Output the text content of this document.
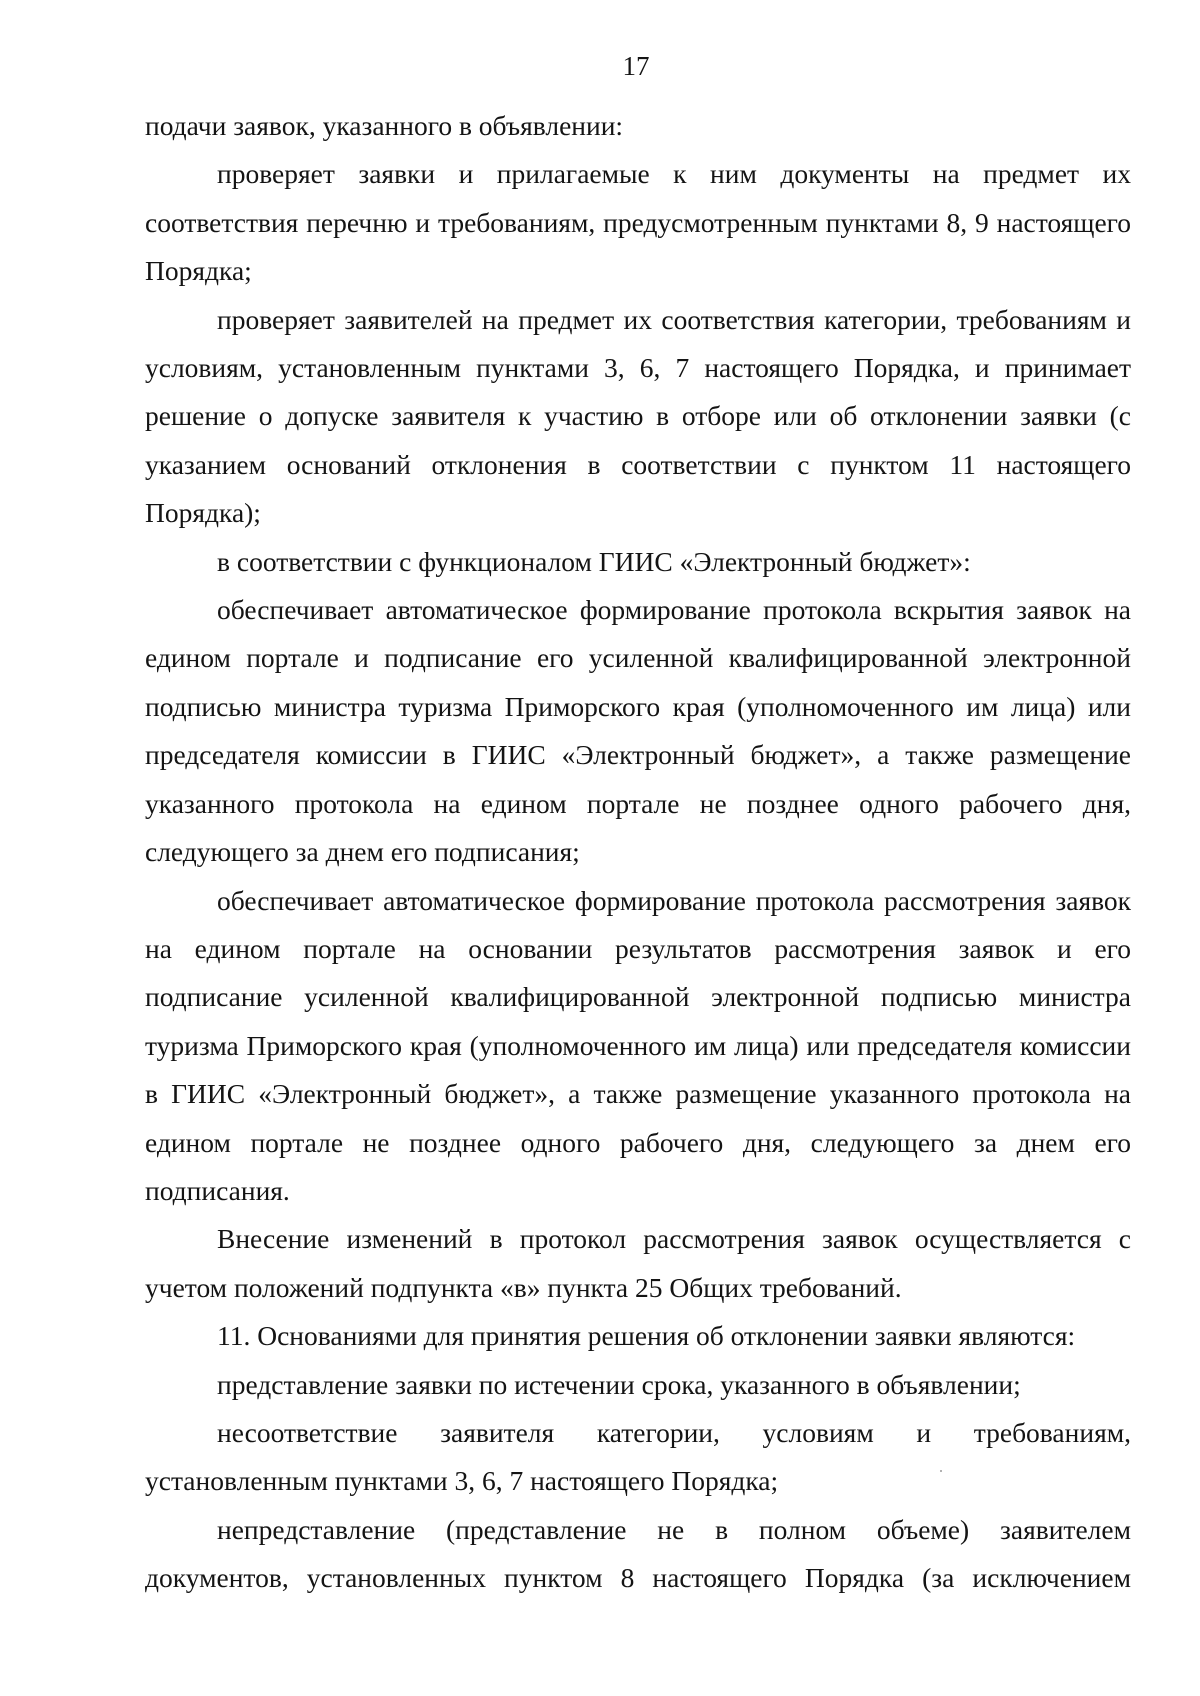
17

подачи заявок, указанного в объявлении:

проверяет заявки и прилагаемые к ним документы на предмет их соответствия перечню и требованиям, предусмотренным пунктами 8, 9 настоящего Порядка;

проверяет заявителей на предмет их соответствия категории, требованиям и условиям, установленным пунктами 3, 6, 7 настоящего Порядка, и принимает решение о допуске заявителя к участию в отборе или об отклонении заявки (с указанием оснований отклонения в соответствии с пунктом 11 настоящего Порядка);

в соответствии с функционалом ГИИС «Электронный бюджет»:

обеспечивает автоматическое формирование протокола вскрытия заявок на едином портале и подписание его усиленной квалифицированной электронной подписью министра туризма Приморского края (уполномоченного им лица) или председателя комиссии в ГИИС «Электронный бюджет», а также размещение указанного протокола на едином портале не позднее одного рабочего дня, следующего за днем его подписания;

обеспечивает автоматическое формирование протокола рассмотрения заявок на едином портале на основании результатов рассмотрения заявок и его подписание усиленной квалифицированной электронной подписью министра туризма Приморского края (уполномоченного им лица) или председателя комиссии в ГИИС «Электронный бюджет», а также размещение указанного протокола на едином портале не позднее одного рабочего дня, следующего за днем его подписания.

Внесение изменений в протокол рассмотрения заявок осуществляется с учетом положений подпункта «в» пункта 25 Общих требований.

11. Основаниями для принятия решения об отклонении заявки являются:

представление заявки по истечении срока, указанного в объявлении;

несоответствие заявителя категории, условиям и требованиям, установленным пунктами 3, 6, 7 настоящего Порядка;

непредставление (представление не в полном объеме) заявителем документов, установленных пунктом 8 настоящего Порядка (за исключением
